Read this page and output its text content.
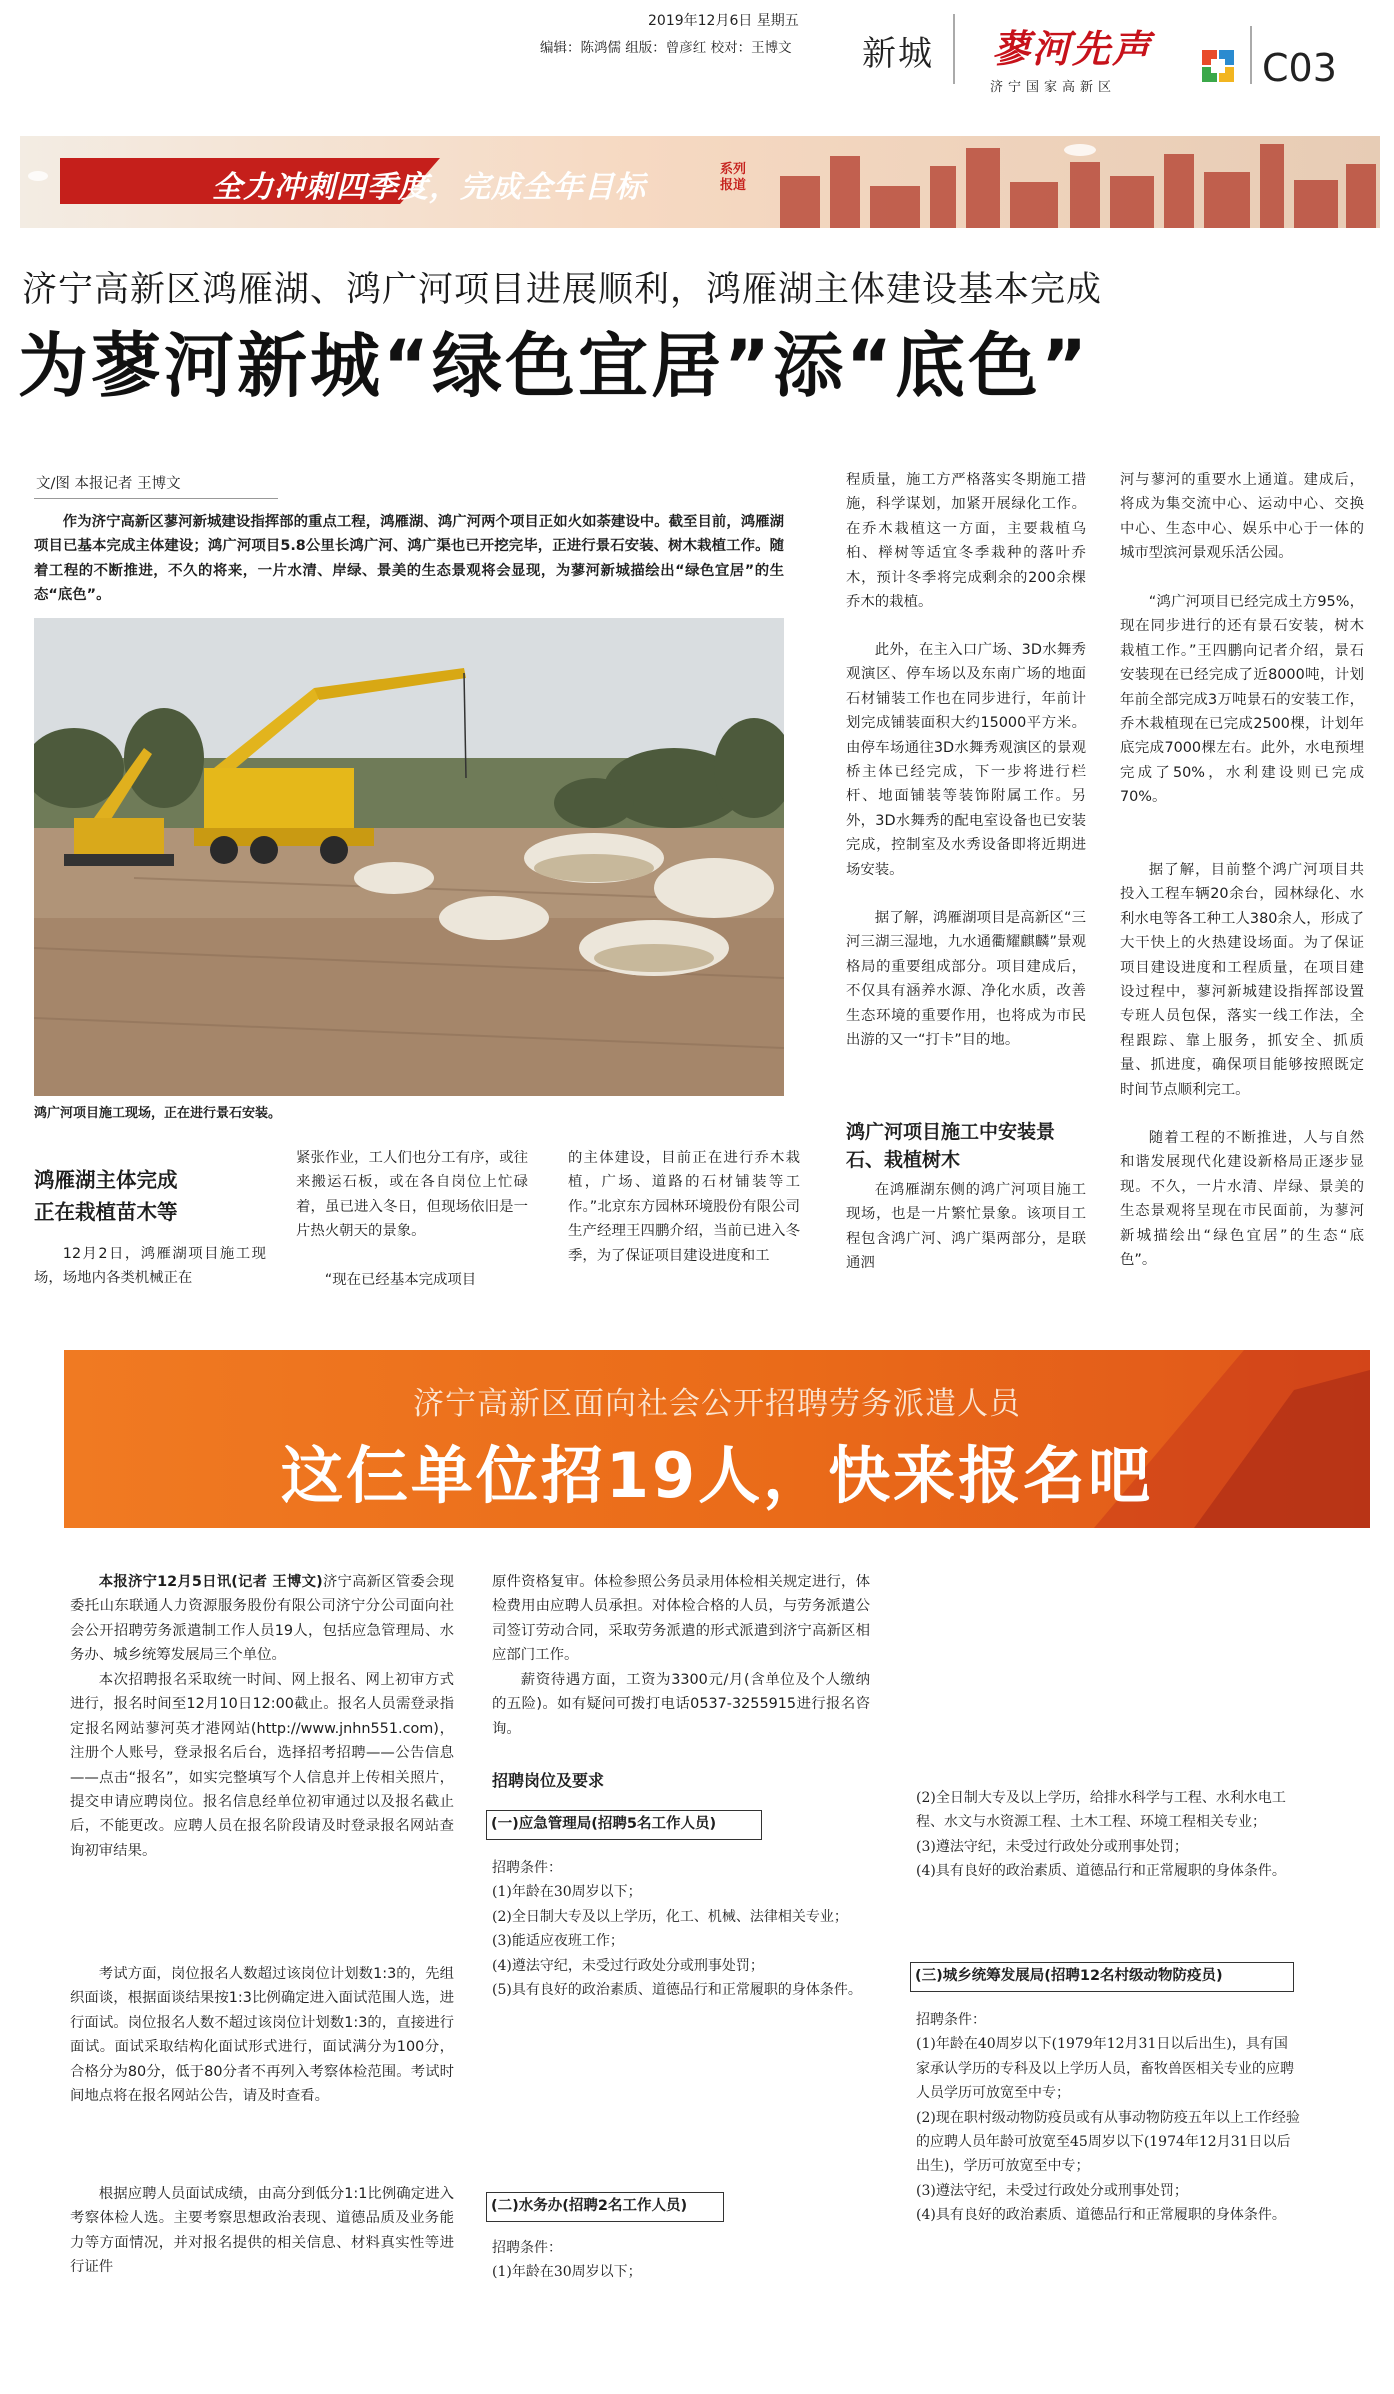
2019年12月6日 星期五
编辑：陈鸿儒 组版：曾彦红 校对：王博文 新城 蓼河先声
济宁国家高新区	C03
全力冲刺四季度，完成全年目标
系列
报道
济宁高新区鸿雁湖、鸿广河项目进展顺利，鸿雁湖主体建设基本完成
为蓼河新城“绿色宜居”添“底色”
文/图 本报记者 王博文
作为济宁高新区蓼河新城建设指挥部的重点工程，鸿雁湖、鸿广河两个项目正如火如荼建设中。截至目前，鸿雁湖项目已基本完成主体建设；鸿广河项目5.8公里长鸿广河、鸿广渠也已开挖完毕，正进行景石安装、树木栽植工作。随着工程的不断推进，不久的将来，一片水清、岸绿、景美的生态景观将会显现，为蓼河新城描绘出“绿色宜居”的生态“底色”。
鸿广河项目施工现场，正在进行景石安装。
鸿雁湖主体完成正在栽植苗木等
12月2日，鸿雁湖项目施工现场，场地内各类机械正在
紧张作业，工人们也分工有序，或往来搬运石板，或在各自岗位上忙碌着，虽已进入冬日，但现场依旧是一片热火朝天的景象。
“现在已经基本完成项目
的主体建设，目前正在进行乔木栽植，广场、道路的石材铺装等工作。”北京东方园林环境股份有限公司生产经理王四鹏介绍，当前已进入冬季，为了保证项目建设进度和工
程质量，施工方严格落实冬期施工措施，科学谋划，加紧开展绿化工作。在乔木栽植这一方面，主要栽植乌桕、榉树等适宜冬季栽种的落叶乔木，预计冬季将完成剩余的200余棵乔木的栽植。
此外，在主入口广场、3D水舞秀观演区、停车场以及东南广场的地面石材铺装工作也在同步进行，年前计划完成铺装面积大约15000平方米。由停车场通往3D水舞秀观演区的景观桥主体已经完成，下一步将进行栏杆、地面铺装等装饰附属工作。另外，3D水舞秀的配电室设备也已安装完成，控制室及水秀设备即将近期进场安装。
据了解，鸿雁湖项目是高新区“三河三湖三湿地，九水通衢耀麒麟”景观格局的重要组成部分。项目建成后，不仅具有涵养水源、净化水质，改善生态环境的重要作用，也将成为市民出游的又一“打卡”目的地。
鸿广河项目施工中安装景石、栽植树木
在鸿雁湖东侧的鸿广河项目施工现场，也是一片繁忙景象。该项目工程包含鸿广河、鸿广渠两部分，是联通泗
河与蓼河的重要水上通道。建成后，将成为集交流中心、运动中心、交换中心、生态中心、娱乐中心于一体的城市型滨河景观乐活公园。
“鸿广河项目已经完成土方95%，现在同步进行的还有景石安装，树木栽植工作。”王四鹏向记者介绍，景石安装现在已经完成了近8000吨，计划年前全部完成3万吨景石的安装工作，乔木栽植现在已完成2500棵，计划年底完成7000棵左右。此外，水电预埋完成了50%，水利建设则已完成70%。
据了解，目前整个鸿广河项目共投入工程车辆20余台，园林绿化、水利水电等各工种工人380余人，形成了大干快上的火热建设场面。为了保证项目建设进度和工程质量，在项目建设过程中，蓼河新城建设指挥部设置专班人员包保，落实一线工作法，全程跟踪、靠上服务，抓安全、抓质量、抓进度，确保项目能够按照既定时间节点顺利完工。
随着工程的不断推进，人与自然和谐发展现代化建设新格局正逐步显现。不久，一片水清、岸绿、景美的生态景观将呈现在市民面前，为蓼河新城描绘出“绿色宜居”的生态“底色”。
济宁高新区面向社会公开招聘劳务派遣人员
这仨单位招19人，快来报名吧
本报济宁12月5日讯(记者 王博文)济宁高新区管委会现委托山东联通人力资源服务股份有限公司济宁分公司面向社会公开招聘劳务派遣制工作人员19人，包括应急管理局、水务办、城乡统筹发展局三个单位。
本次招聘报名采取统一时间、网上报名、网上初审方式进行，报名时间至12月10日12:00截止。报名人员需登录指定报名网站蓼河英才港网站(http://www.jnhn551.com)，注册个人账号，登录报名后台，选择招考招聘——公告信息——点击“报名”，如实完整填写个人信息并上传相关照片，提交申请应聘岗位。报名信息经单位初审通过以及报名截止后，不能更改。应聘人员在报名阶段请及时登录报名网站查询初审结果。
考试方面，岗位报名人数超过该岗位计划数1:3的，先组织面谈，根据面谈结果按1:3比例确定进入面试范围人选，进行面试。岗位报名人数不超过该岗位计划数1:3的，直接进行面试。面试采取结构化面试形式进行，面试满分为100分，合格分为80分，低于80分者不再列入考察体检范围。考试时间地点将在报名网站公告，请及时查看。
根据应聘人员面试成绩，由高分到低分1:1比例确定进入考察体检人选。主要考察思想政治表现、道德品质及业务能力等方面情况，并对报名提供的相关信息、材料真实性等进行证件
原件资格复审。体检参照公务员录用体检相关规定进行，体检费用由应聘人员承担。对体检合格的人员，与劳务派遣公司签订劳动合同，采取劳务派遣的形式派遣到济宁高新区相应部门工作。
薪资待遇方面，工资为3300元/月(含单位及个人缴纳的五险)。如有疑问可拨打电话0537-3255915进行报名咨询。
招聘岗位及要求
(一)应急管理局(招聘5名工作人员)
招聘条件：
(1)年龄在30周岁以下；
(2)全日制大专及以上学历，化工、机械、法律相关专业；
(3)能适应夜班工作；
(4)遵法守纪，未受过行政处分或刑事处罚；
(5)具有良好的政治素质、道德品行和正常履职的身体条件。
(二)水务办(招聘2名工作人员)
招聘条件：
(1)年龄在30周岁以下；
(2)全日制大专及以上学历，给排水科学与工程、水利水电工程、水文与水资源工程、土木工程、环境工程相关专业；
(3)遵法守纪，未受过行政处分或刑事处罚；
(4)具有良好的政治素质、道德品行和正常履职的身体条件。
(三)城乡统筹发展局(招聘12名村级动物防疫员)
招聘条件：
(1)年龄在40周岁以下(1979年12月31日以后出生)，具有国家承认学历的专科及以上学历人员，畜牧兽医相关专业的应聘人员学历可放宽至中专；
(2)现在职村级动物防疫员或有从事动物防疫五年以上工作经验的应聘人员年龄可放宽至45周岁以下(1974年12月31日以后出生)，学历可放宽至中专；
(3)遵法守纪，未受过行政处分或刑事处罚；
(4)具有良好的政治素质、道德品行和正常履职的身体条件。
